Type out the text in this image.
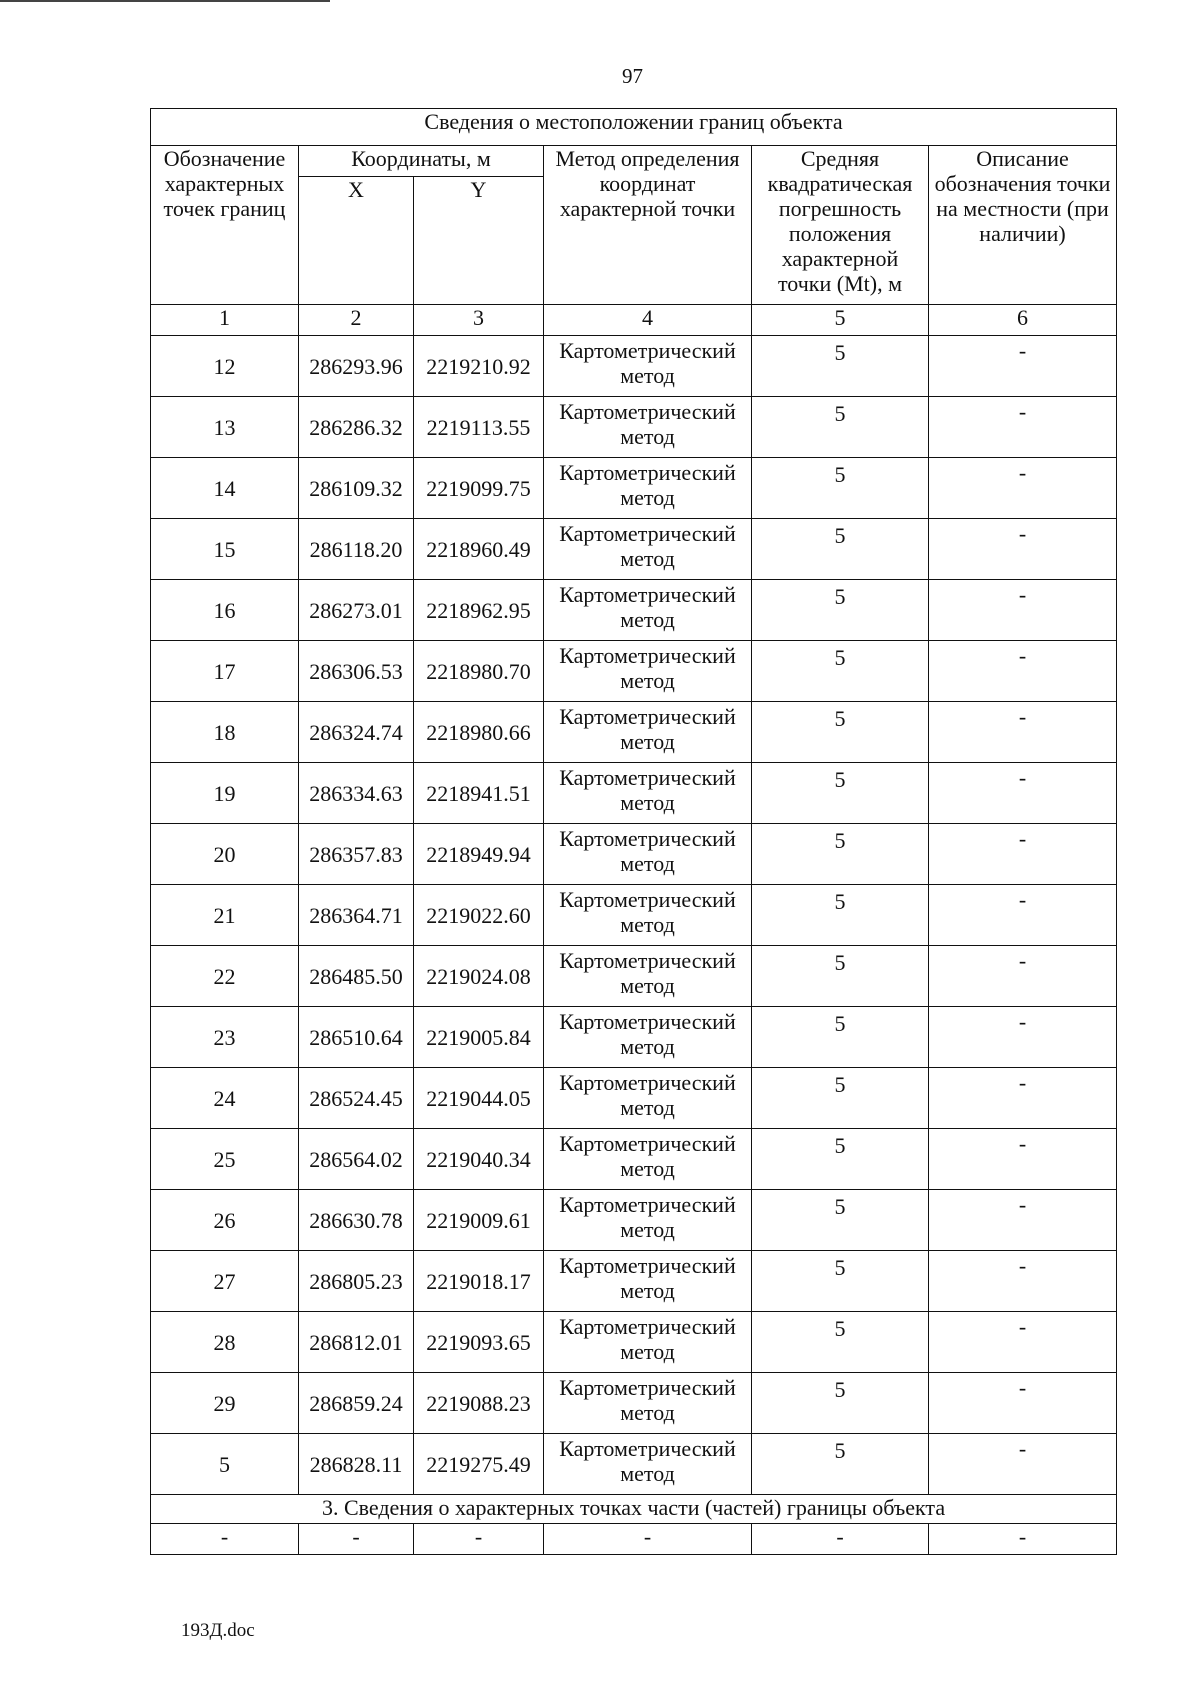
97
Сведения о местоположении границ объекта					
Обозначение характерных точек границ	Координаты, м		Метод определения координат характерной точки	Средняя квадратическая погрешность положения характерной точки (Mt), м	Описание обозначения точки на местности (при наличии)
	X	Y			
1	2	3	4	5	6
12	286293.96	2219210.92	Картометрический метод	5	-
13	286286.32	2219113.55	Картометрический метод	5	-
14	286109.32	2219099.75	Картометрический метод	5	-
15	286118.20	2218960.49	Картометрический метод	5	-
16	286273.01	2218962.95	Картометрический метод	5	-
17	286306.53	2218980.70	Картометрический метод	5	-
18	286324.74	2218980.66	Картометрический метод	5	-
19	286334.63	2218941.51	Картометрический метод	5	-
20	286357.83	2218949.94	Картометрический метод	5	-
21	286364.71	2219022.60	Картометрический метод	5	-
22	286485.50	2219024.08	Картометрический метод	5	-
23	286510.64	2219005.84	Картометрический метод	5	-
24	286524.45	2219044.05	Картометрический метод	5	-
25	286564.02	2219040.34	Картометрический метод	5	-
26	286630.78	2219009.61	Картометрический метод	5	-
27	286805.23	2219018.17	Картометрический метод	5	-
28	286812.01	2219093.65	Картометрический метод	5	-
29	286859.24	2219088.23	Картометрический метод	5	-
5	286828.11	2219275.49	Картометрический метод	5	-
3. Сведения о характерных точках части (частей) границы объекта					
-	-	-	-	-	-
193Д.doc
